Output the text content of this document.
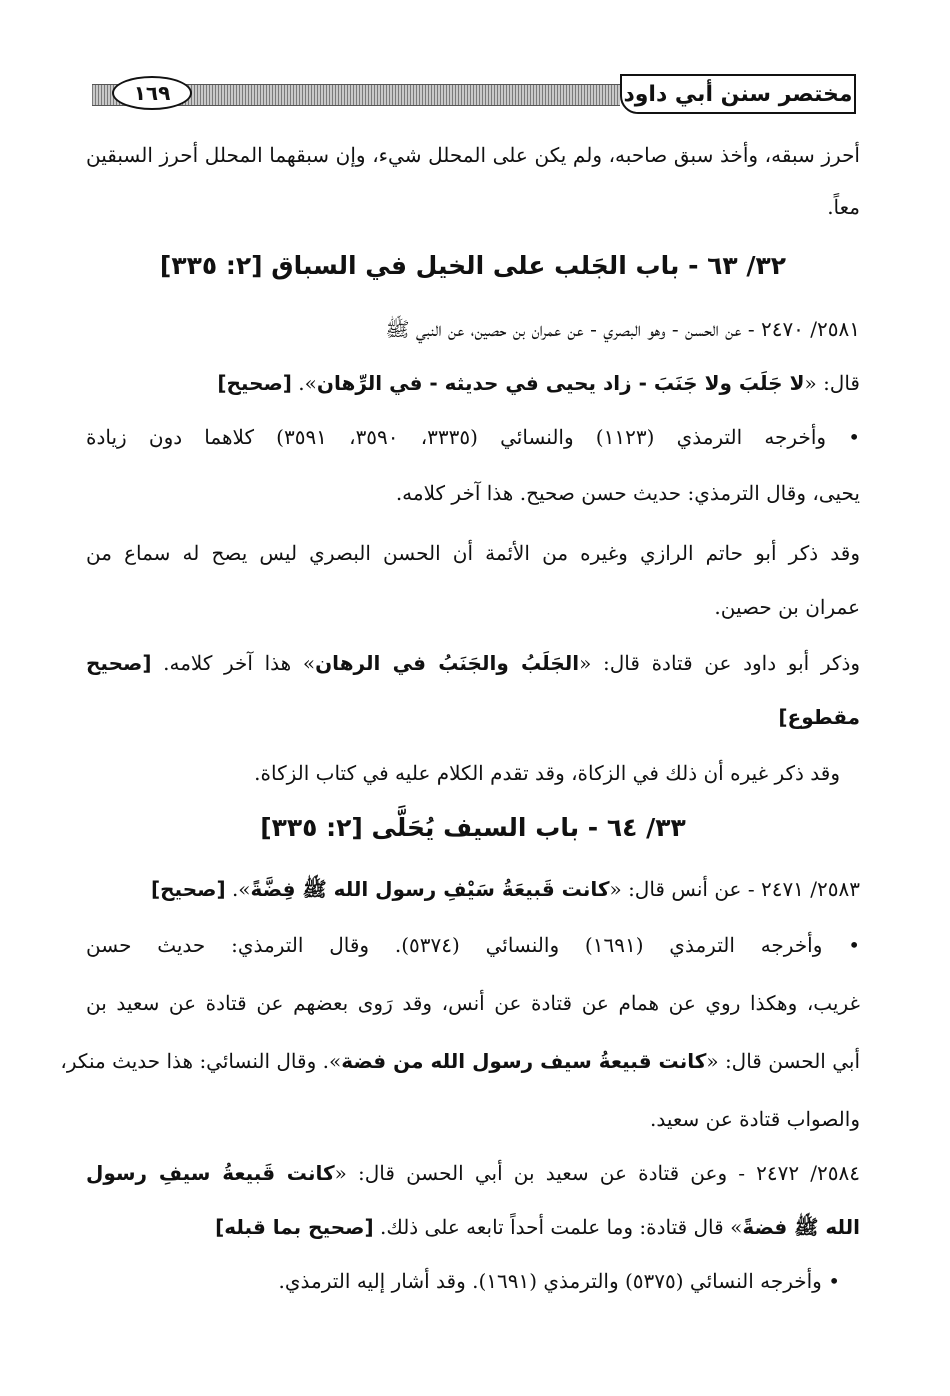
مختصر سنن أبي داود
١٦٩
أحرز سبقه، وأخذ سبق صاحبه، ولم يكن على المحلل شيء، وإن سبقهما المحلل أحرز السبقين
معاً.
٣٢/ ٦٣ - باب الجَلب على الخيل في السباق [٢: ٣٣٥]
٢٥٨١/ ٢٤٧٠ - عن الحسن - وهو البصري - عن عمران بن حصين، عن النبي ﷺ
قال: «لا جَلَبَ ولا جَنَبَ - زاد يحيى في حديثه - في الرِّهان». [صحيح]
• وأخرجه الترمذي (١١٢٣) والنسائي (٣٣٣٥، ٣٥٩٠، ٣٥٩١) كلاهما دون زيادة
يحيى، وقال الترمذي: حديث حسن صحيح. هذا آخر كلامه.
وقد ذكر أبو حاتم الرازي وغيره من الأئمة أن الحسن البصري ليس يصح له سماع من
عمران بن حصين.
وذكر أبو داود عن قتادة قال: «الجَلَبُ والجَنَبُ في الرهان» هذا آخر كلامه. [صحيح
مقطوع]
وقد ذكر غيره أن ذلك في الزكاة، وقد تقدم الكلام عليه في كتاب الزكاة.
٣٣/ ٦٤ - باب السيف يُحَلَّى [٢: ٣٣٥]
٢٥٨٣/ ٢٤٧١ - عن أنس قال: «كانت قَبيعَةُ سَيْفِ رسول الله ﷺ فِضَّةً». [صحيح]
• وأخرجه الترمذي (١٦٩١) والنسائي (٥٣٧٤). وقال الترمذي: حديث حسن
غريب، وهكذا روي عن همام عن قتادة عن أنس، وقد رَوى بعضهم عن قتادة عن سعيد بن
أبي الحسن قال: «كانت قبيعةُ سيف رسول الله من فضة». وقال النسائي: هذا حديث منكر،
والصواب قتادة عن سعيد.
٢٥٨٤/ ٢٤٧٢ - وعن قتادة عن سعيد بن أبي الحسن قال: «كانت قَبيعةُ سيفِ رسول
الله ﷺ فضةً» قال قتادة: وما علمت أحداً تابعه على ذلك. [صحيح بما قبله]
• وأخرجه النسائي (٥٣٧٥) والترمذي (١٦٩١). وقد أشار إليه الترمذي.
